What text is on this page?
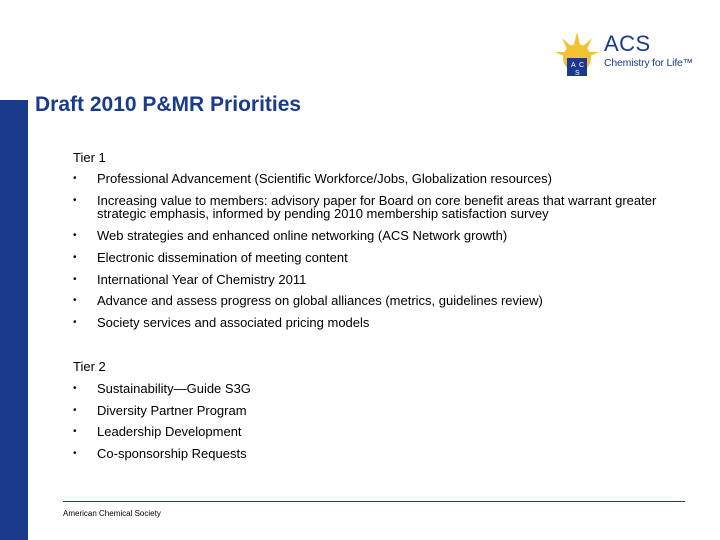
A C
S
ACS
Chemistry for Life™
Draft 2010 P&MR Priorities
Tier 1
• Professional Advancement (Scientific Workforce/Jobs, Globalization resources)
• Increasing value to members: advisory paper for Board on core benefit areas that warrant greater strategic emphasis, informed by pending 2010 membership satisfaction survey
• Web strategies and enhanced online networking (ACS Network growth)
• Electronic dissemination of meeting content
• International Year of Chemistry 2011
• Advance and assess progress on global alliances (metrics, guidelines review)
• Society services and associated pricing models
Tier 2
• Sustainability—Guide S3G
• Diversity Partner Program
• Leadership Development
• Co-sponsorship Requests
American Chemical Society
